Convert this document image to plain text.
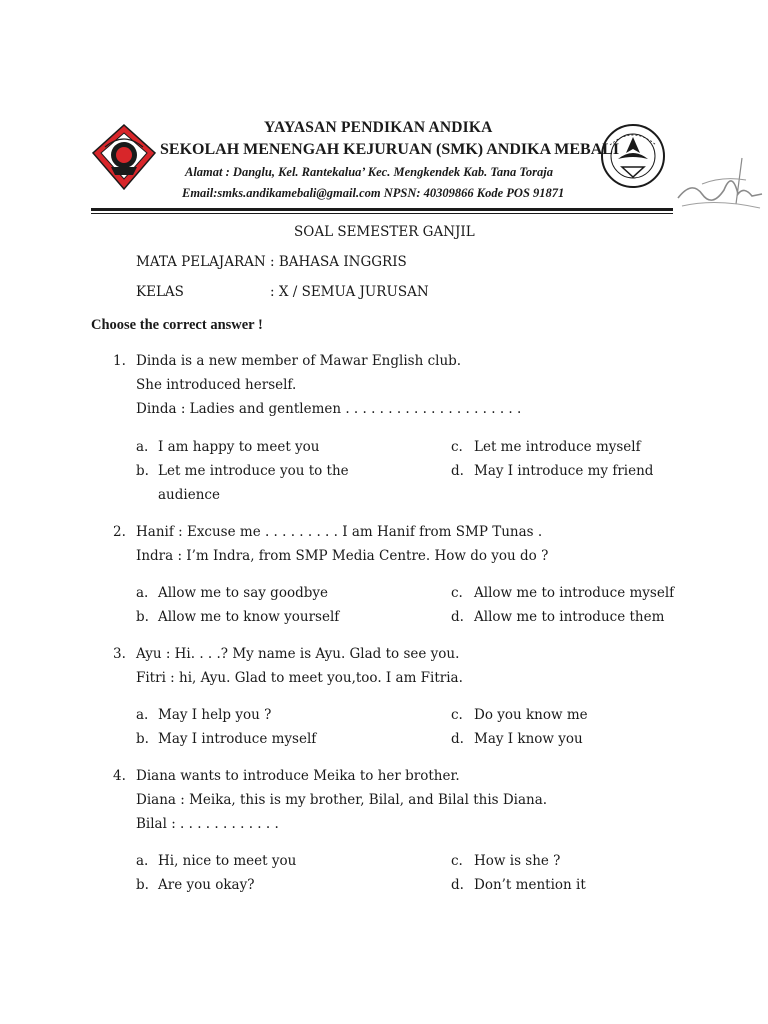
YAYASAN PENDIKAN ANDIKA
SEKOLAH MENENGAH KEJURUAN (SMK) ANDIKA MEBALI
Alamat : Danglu, Kel. Rantekalua’ Kec. Mengkendek Kab. Tana Toraja
Email:smks.andikamebali@gmail.com NPSN: 40309866 Kode POS 91871
SOAL SEMESTER GANJIL
MATA PELAJARAN : BAHASA INGGRIS
KELAS	: X / SEMUA JURUSAN
Choose the correct answer !
1. Dinda is a new member of Mawar English club.
She introduced herself.
Dinda : Ladies and gentlemen . . . . . . . . . . . . . . . . . . . . .
a. I am happy to meet you
b. Let me introduce you to the
audience
c. Let me introduce myself
d. May I introduce my friend
2. Hanif : Excuse me . . . . . . . . . I am Hanif from SMP Tunas .
Indra : I’m Indra, from SMP Media Centre. How do you do ?
a. Allow me to say goodbye
b. Allow me to know yourself
c. Allow me to introduce myself
d. Allow me to introduce them
3. Ayu : Hi. . . .? My name is Ayu. Glad to see you.
Fitri : hi, Ayu. Glad to meet you,too. I am Fitria.
a. May I help you ?
b. May I introduce myself
c. Do you know me
d. May I know you
4. Diana wants to introduce Meika to her brother.
Diana : Meika, this is my brother, Bilal, and Bilal this Diana.
Bilal : . . . . . . . . . . . .
a. Hi, nice to meet you
b. Are you okay?
c. How is she ?
d. Don’t mention it
